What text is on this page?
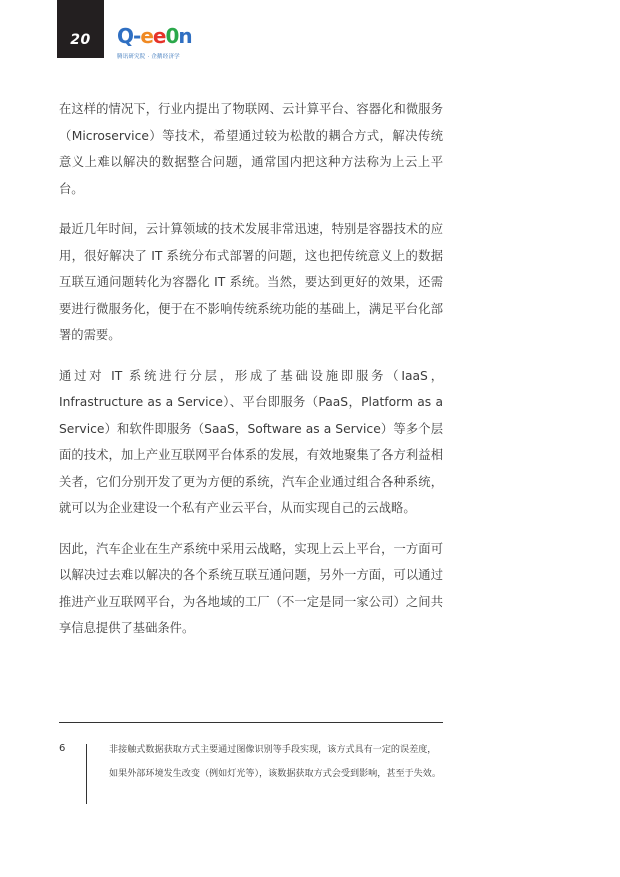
20 Q - e e 0 n
腾讯研究院 · 企鹅经济学

在这样的情况下，行业内提出了物联网、云计算平台、容器化和微服务（Microservice）等技术，希望通过较为松散的耦合方式，解决传统意义上难以解决的数据整合问题，通常国内把这种方法称为上云上平台。

最近几年时间，云计算领域的技术发展非常迅速，特别是容器技术的应用，很好解决了 IT 系统分布式部署的问题，这也把传统意义上的数据互联互通问题转化为容器化 IT 系统。当然，要达到更好的效果，还需要进行微服务化，便于在不影响传统系统功能的基础上，满足平台化部署的需要。

通过对 IT 系统进行分层，形成了基础设施即服务（IaaS，Infrastructure as a Service）、平台即服务（PaaS，Platform as a Service）和软件即服务（SaaS，Software as a Service）等多个层面的技术，加上产业互联网平台体系的发展，有效地聚集了各方利益相关者，它们分别开发了更为方便的系统，汽车企业通过组合各种系统，就可以为企业建设一个私有产业云平台，从而实现自己的云战略。

因此，汽车企业在生产系统中采用云战略，实现上云上平台，一方面可以解决过去难以解决的各个系统互联互通问题，另外一方面，可以通过推进产业互联网平台，为各地域的工厂（不一定是同一家公司）之间共享信息提供了基础条件。

6	非接触式数据获取方式主要通过图像识别等手段实现，该方式具有一定的误差度，如果外部环境发生改变（例如灯光等），该数据获取方式会受到影响，甚至于失效。
